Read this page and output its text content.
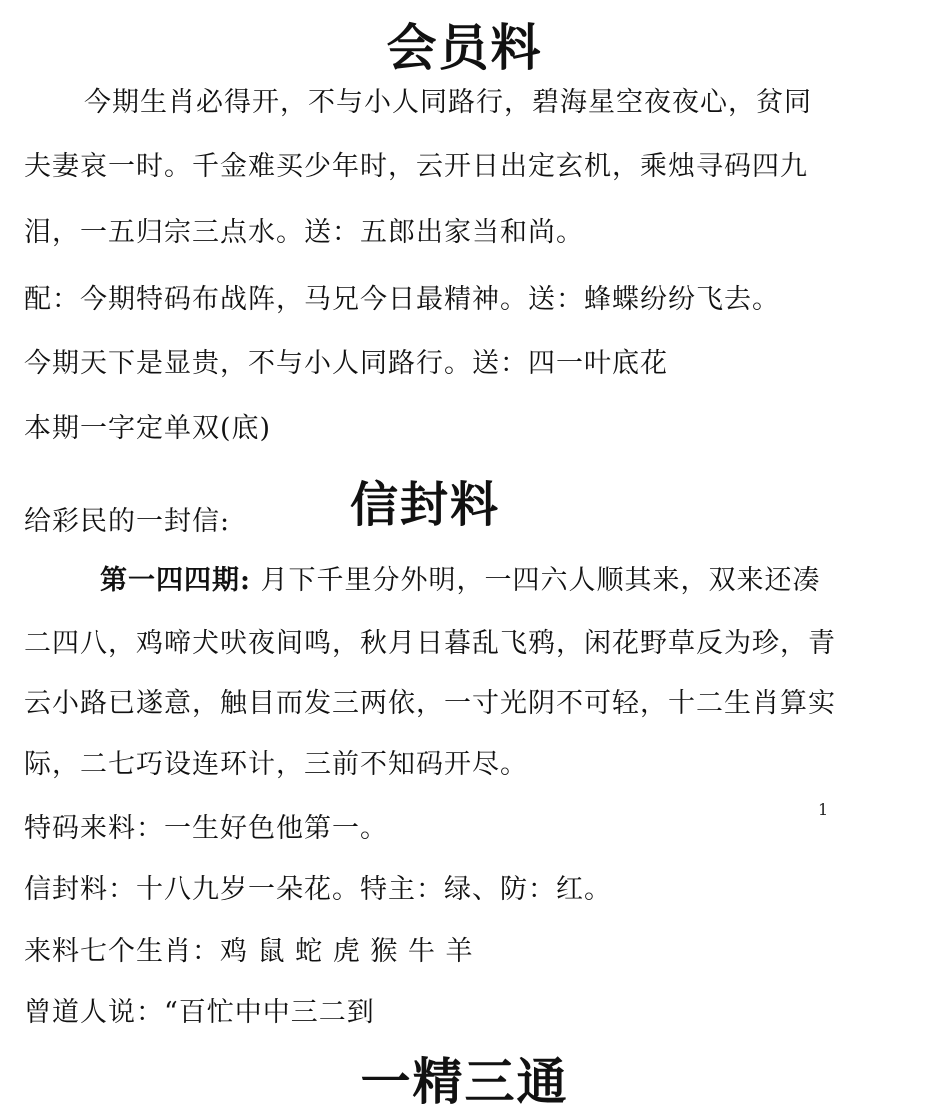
会员料
今期生肖必得开，不与小人同路行，碧海星空夜夜心，贫同
夫妻哀一时。千金难买少年时，云开日出定玄机，乘烛寻码四九
泪，一五归宗三点水。送：五郎出家当和尚。
配：今期特码布战阵，马兄今日最精神。送：蜂蝶纷纷飞去。
今期天下是显贵，不与小人同路行。送：四一叶底花
本期一字定单双(底)
给彩民的一封信: 信封料
第一四四期: 月下千里分外明，一四六人顺其来，双来还凑
二四八，鸡啼犬吠夜间鸣，秋月日暮乱飞鸦，闲花野草反为珍，青
云小路已遂意，触目而发三两依，一寸光阴不可轻，十二生肖算实
际，二七巧设连环计，三前不知码开尽。
特码来料：一生好色他第一。
信封料：十八九岁一朵花。特主：绿、防：红。
来料七个生肖：鸡 鼠 蛇 虎 猴 牛 羊
曾道人说：“百忙中中三二到
1
一精三通
